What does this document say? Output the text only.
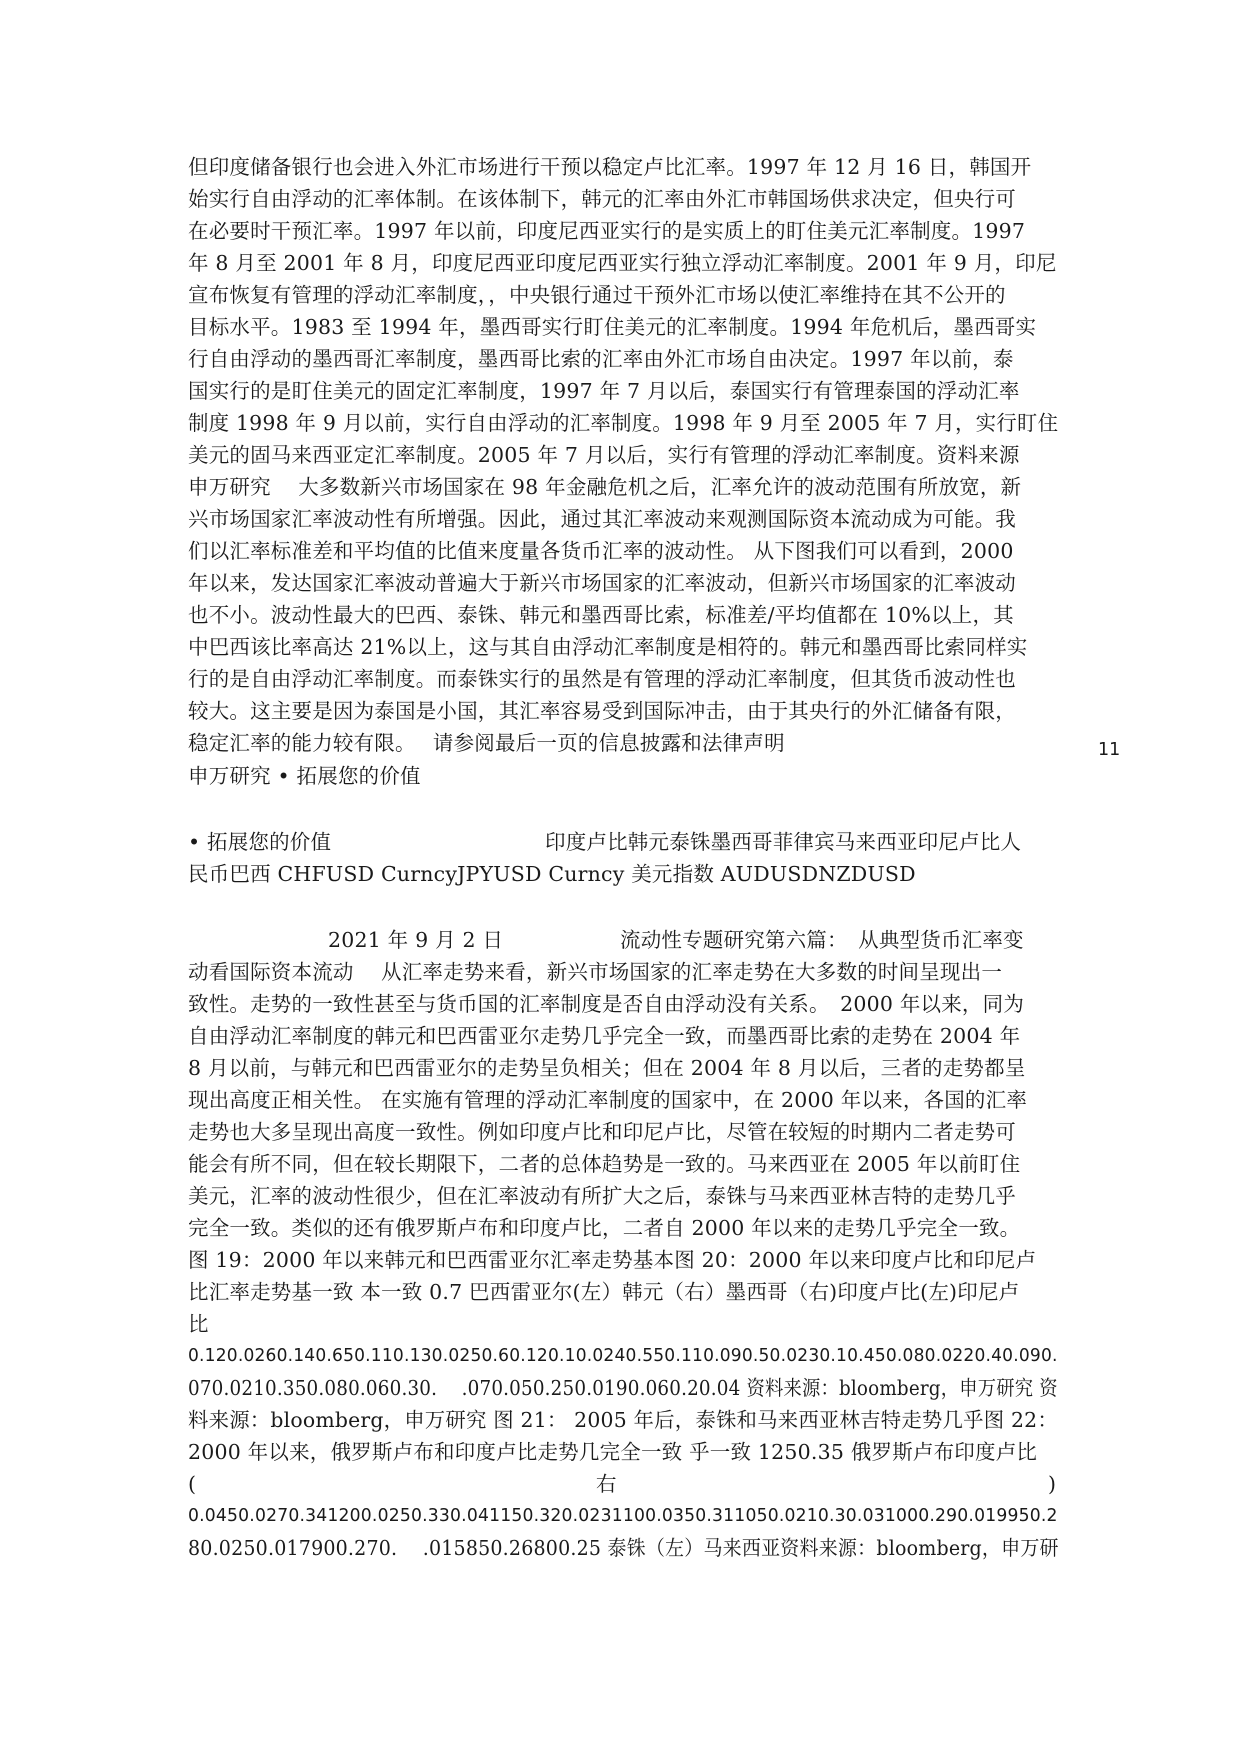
但印度储备银行也会进入外汇市场进行干预以稳定卢比汇率。1997 年 12 月 16 日，韩国开
始实行自由浮动的汇率体制。在该体制下，韩元的汇率由外汇市韩国场供求决定，但央行可
在必要时干预汇率。1997 年以前，印度尼西亚实行的是实质上的盯住美元汇率制度。1997
年 8 月至 2001 年 8 月，印度尼西亚印度尼西亚实行独立浮动汇率制度。2001 年 9 月，印尼
宣布恢复有管理的浮动汇率制度，，中央银行通过干预外汇市场以使汇率维持在其不公开的
目标水平。1983 至 1994 年，墨西哥实行盯住美元的汇率制度。1994 年危机后，墨西哥实
行自由浮动的墨西哥汇率制度，墨西哥比索的汇率由外汇市场自由决定。1997 年以前，泰
国实行的是盯住美元的固定汇率制度，1997 年 7 月以后，泰国实行有管理泰国的浮动汇率
制度 1998 年 9 月以前，实行自由浮动的汇率制度。1998 年 9 月至 2005 年 7 月，实行盯住
美元的固马来西亚定汇率制度。2005 年 7 月以后，实行有管理的浮动汇率制度。资料来源
申万研究　 大多数新兴市场国家在 98 年金融危机之后，汇率允许的波动范围有所放宽，新
兴市场国家汇率波动性有所增强。因此，通过其汇率波动来观测国际资本流动成为可能。我
们以汇率标准差和平均值的比值来度量各货币汇率的波动性。 从下图我们可以看到，2000
年以来，发达国家汇率波动普遍大于新兴市场国家的汇率波动，但新兴市场国家的汇率波动
也不小。波动性最大的巴西、泰铢、韩元和墨西哥比索，标准差/平均值都在 10%以上，其
中巴西该比率高达 21%以上，这与其自由浮动汇率制度是相符的。韩元和墨西哥比索同样实
行的是自由浮动汇率制度。而泰铢实行的虽然是有管理的浮动汇率制度，但其货币波动性也
较大。这主要是因为泰国是小国，其汇率容易受到国际冲击，由于其央行的外汇储备有限，
稳定汇率的能力较有限。　 请参阅最后一页的信息披露和法律声明	11
申万研究 • 拓展您的价值
• 拓展您的价值	印度卢比韩元泰铢墨西哥菲律宾马来西亚印尼卢比人
民币巴西 CHFUSD CurncyJPYUSD Curncy 美元指数 AUDUSDNZDUSD
2021 年 9 月 2 日	流动性专题研究第六篇：　从典型货币汇率变
动看国际资本流动　 从汇率走势来看，新兴市场国家的汇率走势在大多数的时间呈现出一
致性。走势的一致性甚至与货币国的汇率制度是否自由浮动没有关系。　2000 年以来，同为
自由浮动汇率制度的韩元和巴西雷亚尔走势几乎完全一致，而墨西哥比索的走势在 2004 年
8 月以前，与韩元和巴西雷亚尔的走势呈负相关；但在 2004 年 8 月以后，三者的走势都呈
现出高度正相关性。 在实施有管理的浮动汇率制度的国家中，在 2000 年以来，各国的汇率
走势也大多呈现出高度一致性。例如印度卢比和印尼卢比，尽管在较短的时期内二者走势可
能会有所不同，但在较长期限下，二者的总体趋势是一致的。马来西亚在 2005 年以前盯住
美元，汇率的波动性很少，但在汇率波动有所扩大之后，泰铢与马来西亚林吉特的走势几乎
完全一致。类似的还有俄罗斯卢布和印度卢比，二者自 2000 年以来的走势几乎完全一致。
图 19：2000 年以来韩元和巴西雷亚尔汇率走势基本图 20：2000 年以来印度卢比和印尼卢
比汇率走势基一致 本一致 0.7 巴西雷亚尔(左）韩元（右）墨西哥（右)印度卢比(左)印尼卢
比
0.120.0260.140.650.110.130.0250.60.120.10.0240.550.110.090.50.0230.10.450.080.0220.40.090.
070.0210.350.080.060.30.　 .070.050.250.0190.060.20.04 资料来源：bloomberg，申万研究 资
料来源：bloomberg，申万研究 图 21： 2005 年后，泰铢和马来西亚林吉特走势几乎图 22：
2000 年以来，俄罗斯卢布和印度卢比走势几完全一致 乎一致 1250.35 俄罗斯卢布印度卢比
(	右	)
0.0450.0270.341200.0250.330.041150.320.0231100.0350.311050.0210.30.031000.290.019950.2
80.0250.017900.270.　 .015850.26800.25 泰铢（左）马来西亚资料来源：bloomberg，申万研
